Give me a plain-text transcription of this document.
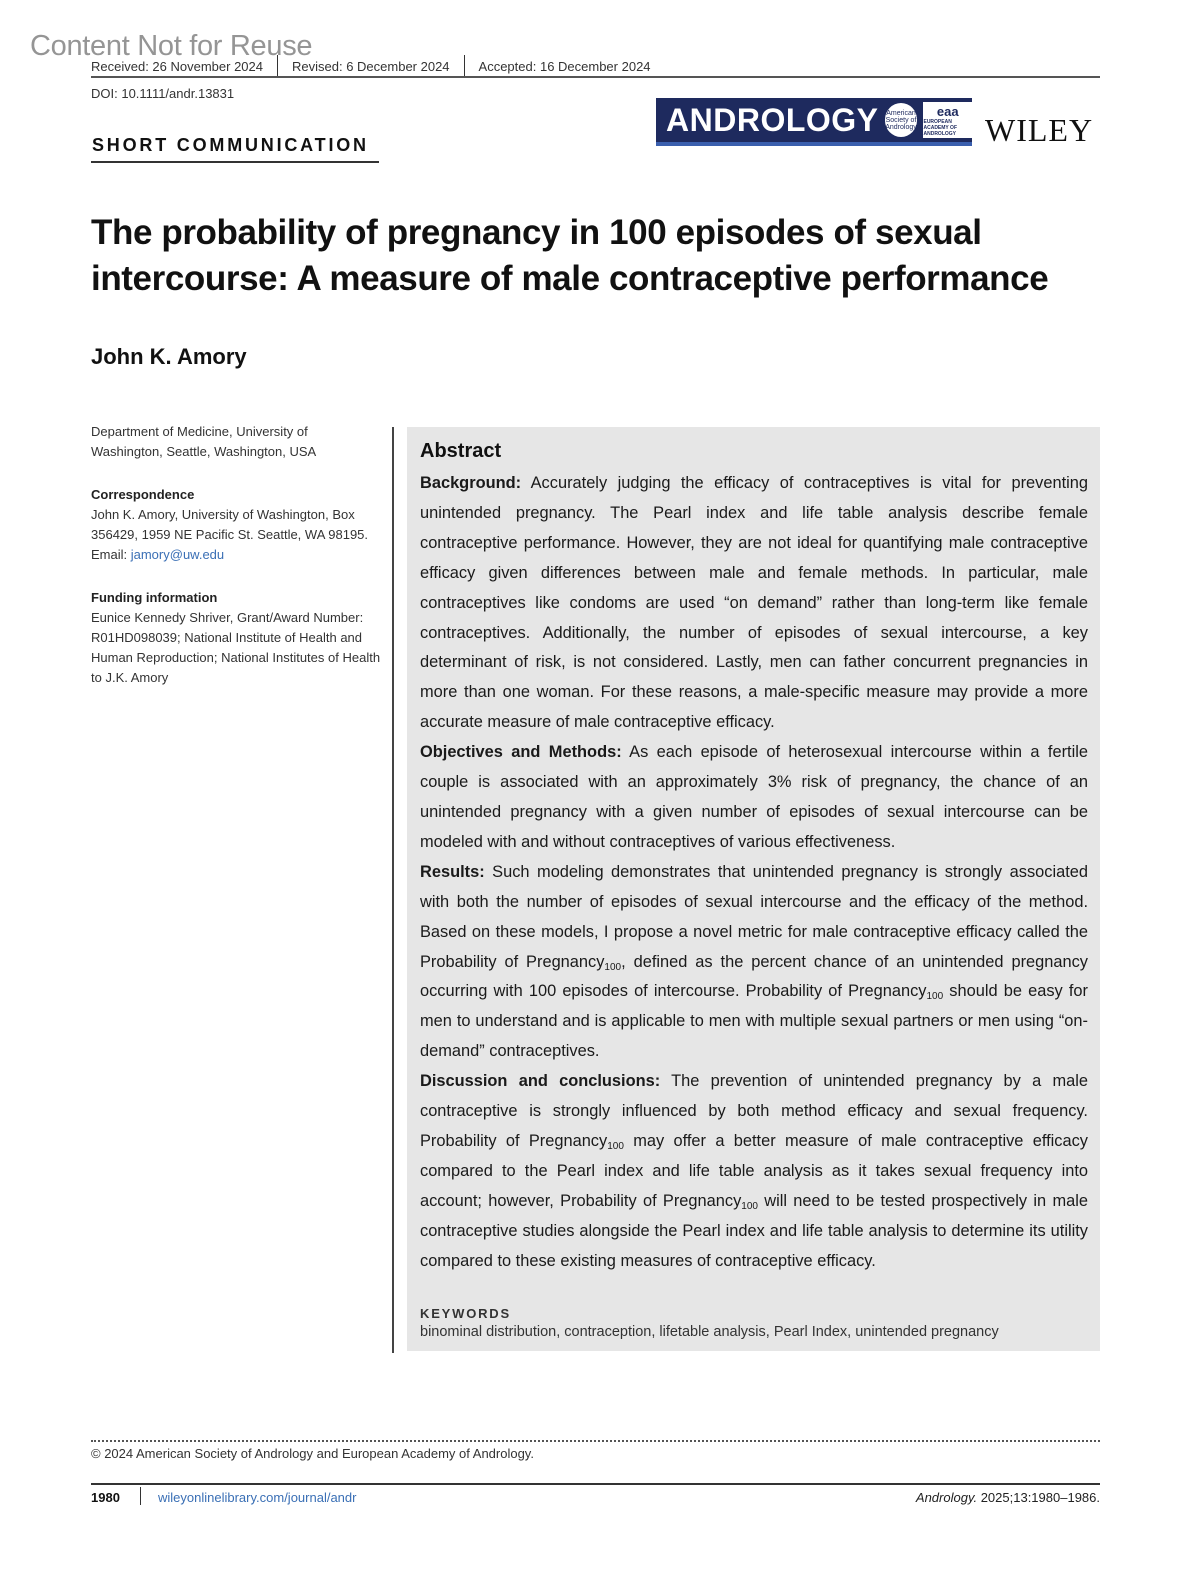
Content Not for Reuse
Received: 26 November 2024 Revised: 6 December 2024 Accepted: 16 December 2024
DOI: 10.1111/andr.13831
SHORT COMMUNICATION
ANDROLOGY American Society of Andrology
eaa
EUROPEAN ACADEMY OF ANDROLOGY WILEY
The probability of pregnancy in 100 episodes of sexual intercourse: A measure of male contraceptive performance
John K. Amory
Department of Medicine, University of Washington, Seattle, Washington, USA
Correspondence
John K. Amory, University of Washington, Box 356429, 1959 NE Pacific St. Seattle, WA 98195.
Email: jamory@uw.edu
Funding information
Eunice Kennedy Shriver, Grant/Award Number: R01HD098039; National Institute of Health and Human Reproduction; National Institutes of Health to J.K. Amory
Abstract

Background: Accurately judging the efficacy of contraceptives is vital for preventing unintended pregnancy. The Pearl index and life table analysis describe female contraceptive performance. However, they are not ideal for quantifying male contraceptive efficacy given differences between male and female methods. In particular, male contraceptives like condoms are used “on demand” rather than long-term like female contraceptives. Additionally, the number of episodes of sexual intercourse, a key determinant of risk, is not considered. Lastly, men can father concurrent pregnancies in more than one woman. For these reasons, a male-specific measure may provide a more accurate measure of male contraceptive efficacy.

Objectives and Methods: As each episode of heterosexual intercourse within a fertile couple is associated with an approximately 3% risk of pregnancy, the chance of an unintended pregnancy with a given number of episodes of sexual intercourse can be modeled with and without contraceptives of various effectiveness.

Results: Such modeling demonstrates that unintended pregnancy is strongly associated with both the number of episodes of sexual intercourse and the efficacy of the method. Based on these models, I propose a novel metric for male contraceptive efficacy called the Probability of Pregnancy$_{100}$, defined as the percent chance of an unintended pregnancy occurring with 100 episodes of intercourse. Probability of Pregnancy$_{100}$ should be easy for men to understand and is applicable to men with multiple sexual partners or men using “on-demand” contraceptives.

Discussion and conclusions: The prevention of unintended pregnancy by a male contraceptive is strongly influenced by both method efficacy and sexual frequency. Probability of Pregnancy$_{100}$ may offer a better measure of male contraceptive efficacy compared to the Pearl index and life table analysis as it takes sexual frequency into account; however, Probability of Pregnancy$_{100}$ will need to be tested prospectively in male contraceptive studies alongside the Pearl index and life table analysis to determine its utility compared to these existing measures of contraceptive efficacy.

KEYWORDS
binominal distribution, contraception, lifetable analysis, Pearl Index, unintended pregnancy
© 2024 American Society of Andrology and European Academy of Andrology.
1980	wileyonlinelibrary.com/journal/andr	Andrology. 2025;13:1980–1986.
